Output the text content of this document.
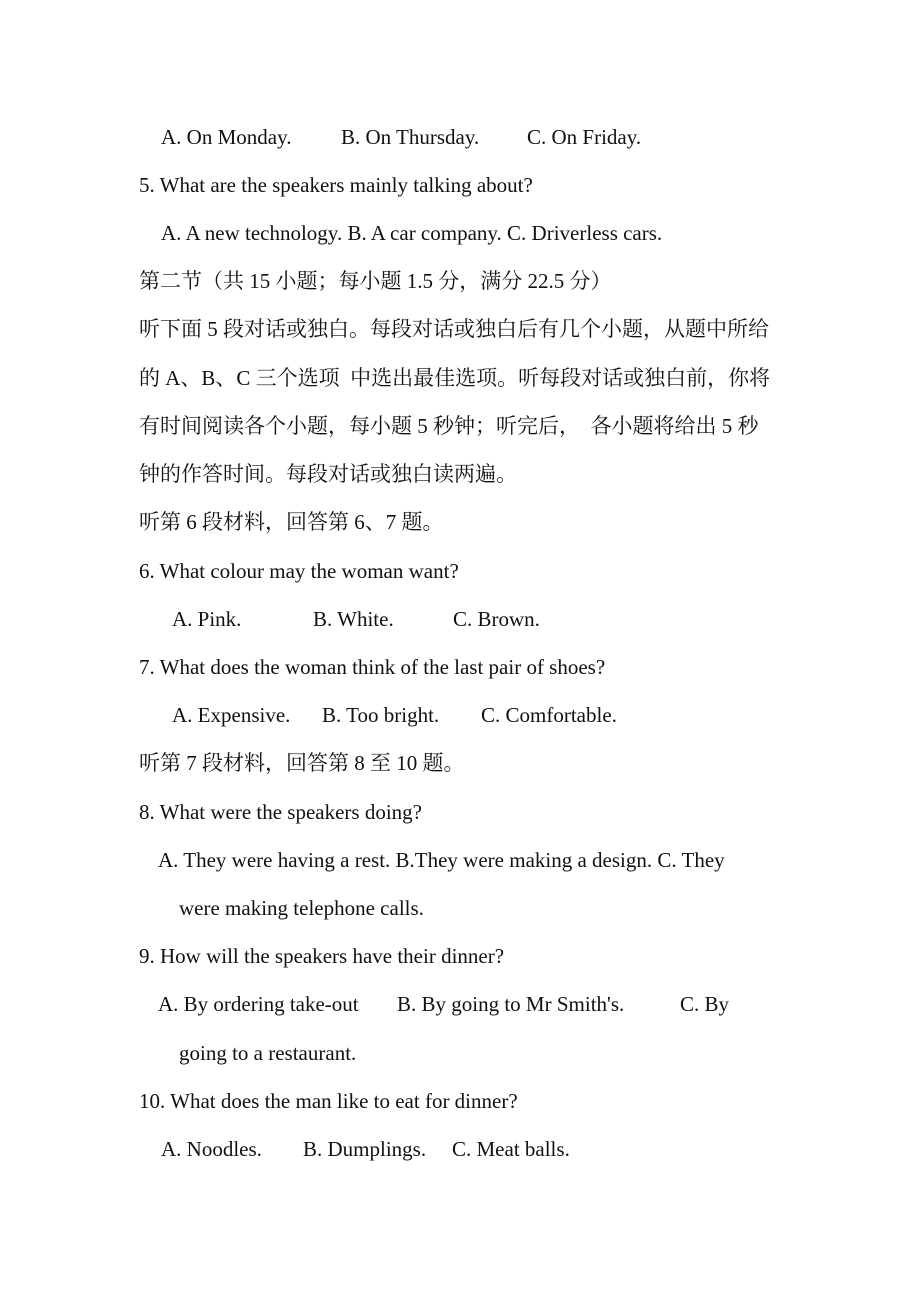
A. On Monday. B. On Thursday. C. On Friday.
5. What are the speakers mainly talking about?
A. A new technology. B. A car company. C. Driverless cars.
第二节（共 15 小题；每小题 1.5 分，满分 22.5 分）
听下面 5 段对话或独白。每段对话或独白后有几个小题，从题中所给
的 A、B、C 三个选项  中选出最佳选项。听每段对话或独白前，你将
有时间阅读各个小题，每小题 5 秒钟；听完后，  各小题将给出 5 秒
钟的作答时间。每段对话或独白读两遍。
听第 6 段材料，回答第 6、7 题。
6. What colour may the woman want?
A. Pink.	B. White.	C. Brown.
7. What does the woman think of the last pair of shoes?
A. Expensive. B. Too bright. C. Comfortable.
听第 7 段材料，回答第 8 至 10 题。
8. What were the speakers doing?
A. They were having a rest. B.They were making a design. C. They
were making telephone calls.
9. How will the speakers have their dinner?
A. By ordering take-out B. By going to Mr Smith's.	C. By
going to a restaurant.
10. What does the man like to eat for dinner?
A. Noodles. B. Dumplings. C. Meat balls.
